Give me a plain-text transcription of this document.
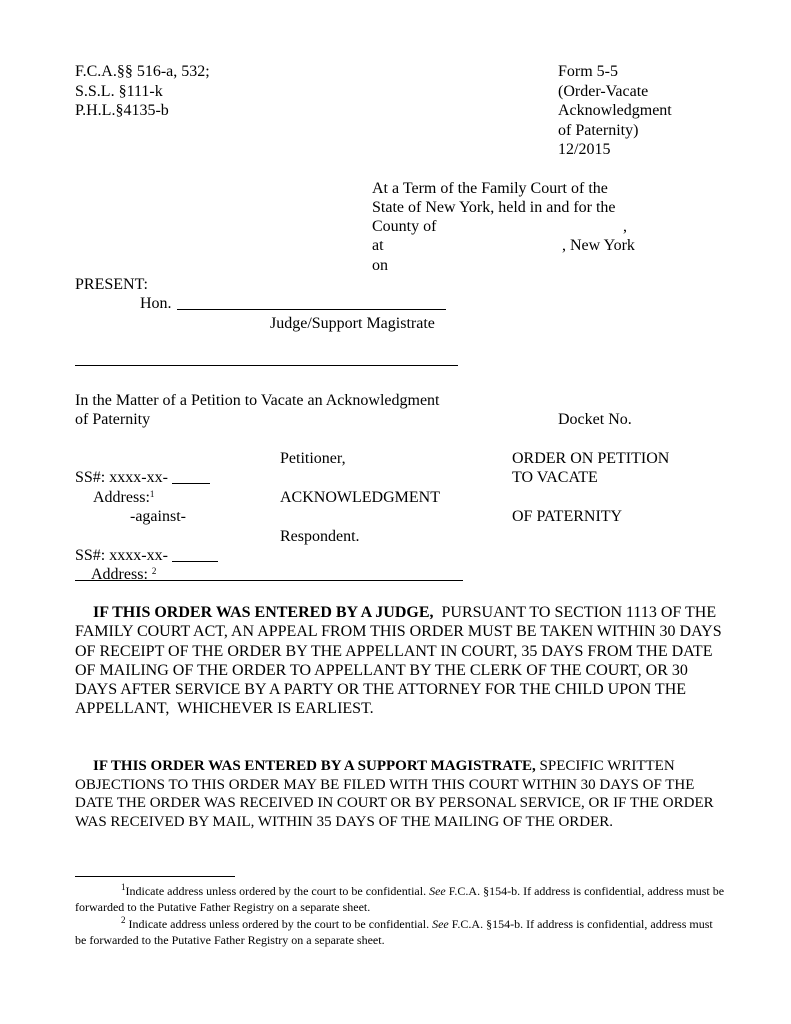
F.C.A.§§ 516-a, 532;
S.S.L. §111-k
P.H.L.§4135-b
Form 5-5
(Order-Vacate
Acknowledgment
of Paternity)
12/2015
At a Term of the Family Court of the
State of New York, held in and for the
County of	,
at	, New York
on
PRESENT:
Hon.
Judge/Support Magistrate
In the Matter of a Petition to Vacate an Acknowledgment
of Paternity	Docket No.
Petitioner,
SS#: xxxx-xx-
Address:$^1$
-against-
Respondent.
SS#: xxxx-xx-
Address: $^2$
ORDER ON PETITION
TO VACATE
ACKNOWLEDGMENT
OF PATERNITY
IF THIS ORDER WAS ENTERED BY A JUDGE,  PURSUANT TO SECTION 1113 OF THE FAMILY COURT ACT, AN APPEAL FROM THIS ORDER MUST BE TAKEN WITHIN 30 DAYS OF RECEIPT OF THE ORDER BY THE APPELLANT IN COURT, 35 DAYS FROM THE DATE OF MAILING OF THE ORDER TO APPELLANT BY THE CLERK OF THE COURT, OR 30 DAYS AFTER SERVICE BY A PARTY OR THE ATTORNEY FOR THE CHILD UPON THE APPELLANT,  WHICHEVER IS EARLIEST.
IF THIS ORDER WAS ENTERED BY A SUPPORT MAGISTRATE, SPECIFIC WRITTEN OBJECTIONS TO THIS ORDER MAY BE FILED WITH THIS COURT WITHIN 30 DAYS OF THE DATE THE ORDER WAS RECEIVED IN COURT OR BY PERSONAL SERVICE, OR IF THE ORDER WAS RECEIVED BY MAIL, WITHIN 35 DAYS OF THE MAILING OF THE ORDER.
$^1$Indicate address unless ordered by the court to be confidential. See F.C.A. §154-b. If address is confidential, address must be forwarded to the Putative Father Registry on a separate sheet.
$^2$ Indicate address unless ordered by the court to be confidential. See F.C.A. §154-b. If address is confidential, address must be forwarded to the Putative Father Registry on a separate sheet.
